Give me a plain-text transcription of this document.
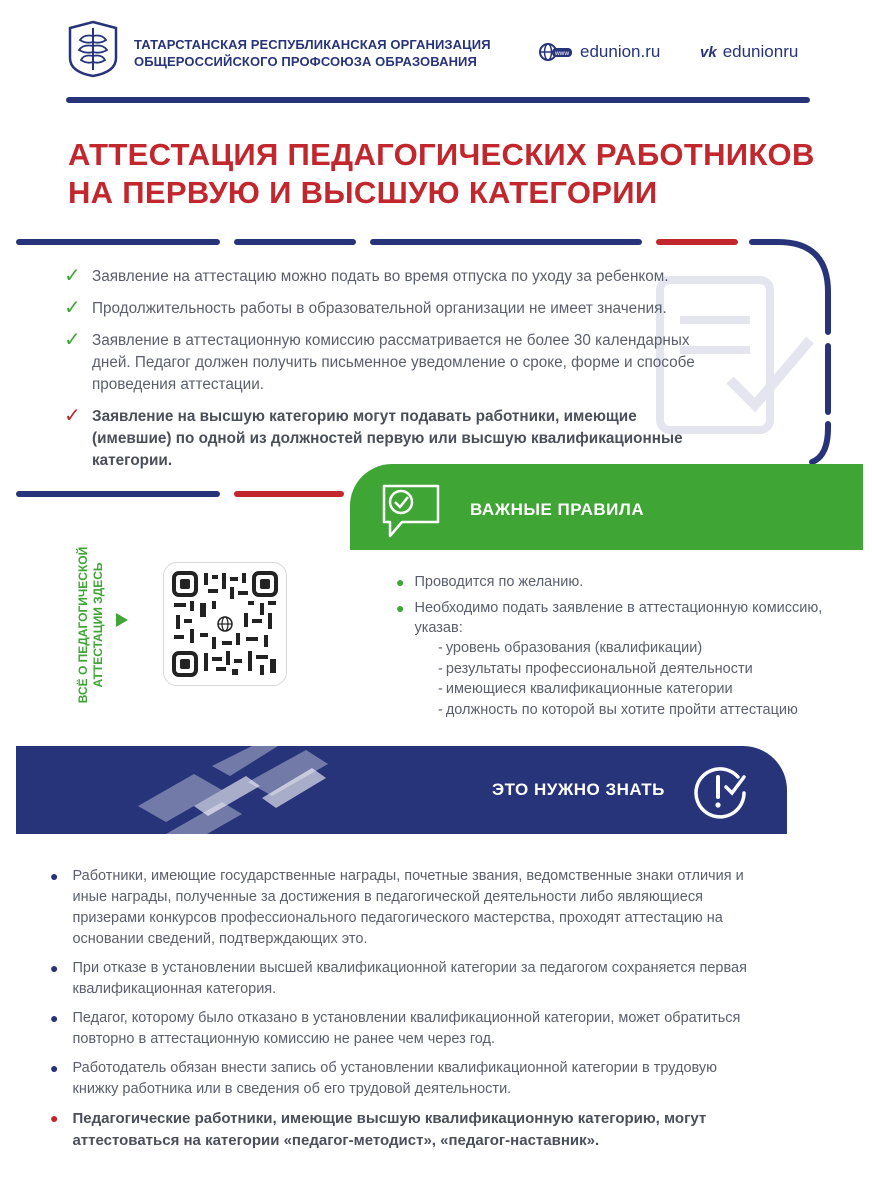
ТАТАРСТАНСКАЯ РЕСПУБЛИКАНСКАЯ ОРГАНИЗАЦИЯ
ОБЩЕРОССИЙСКОГО ПРОФСОЮЗА ОБРАЗОВАНИЯ
www edunion.ru	vk edunionru
АТТЕСТАЦИЯ ПЕДАГОГИЧЕСКИХ РАБОТНИКОВ
НА ПЕРВУЮ И ВЫСШУЮ КАТЕГОРИИ
✓ Заявление на аттестацию можно подать во время отпуска по уходу за ребенком.
✓ Продолжительность работы в образовательной организации не имеет значения.
✓ Заявление в аттестационную комиссию рассматривается не более 30 календарных дней. Педагог должен получить письменное уведомление о сроке, форме и способе проведения аттестации.
✓ Заявление на высшую категорию могут подавать работники, имеющие (имевшие) по одной из должностей первую или высшую квалификационные категории.
ВАЖНЫЕ ПРАВИЛА
ВСЁ О ПЕДАГОГИЧЕСКОЙ АТТЕСТАЦИИ ЗДЕСЬ	● Проводится по желанию.
● Необходимо подать заявление в аттестационную комиссию, указав:
- уровень образования (квалификации)
- результаты профессиональной деятельности
- имеющиеся квалификационные категории
- должность по которой вы хотите пройти аттестацию
ЭТО НУЖНО ЗНАТЬ
● Работники, имеющие государственные награды, почетные звания, ведомственные знаки отличия и иные награды, полученные за достижения в педагогической деятельности либо являющиеся призерами конкурсов профессионального педагогического мастерства, проходят аттестацию на основании сведений, подтверждающих это.
● При отказе в установлении высшей квалификационной категории за педагогом сохраняется первая квалификационная категория.
● Педагог, которому было отказано в установлении квалификационной категории, может обратиться повторно в аттестационную комиссию не ранее чем через год.
● Работодатель обязан внести запись об установлении квалификационной категории в трудовую книжку работника или в сведения об его трудовой деятельности.
● Педагогические работники, имеющие высшую квалификационную категорию, могут аттестоваться на категории «педагог-методист», «педагог-наставник».
